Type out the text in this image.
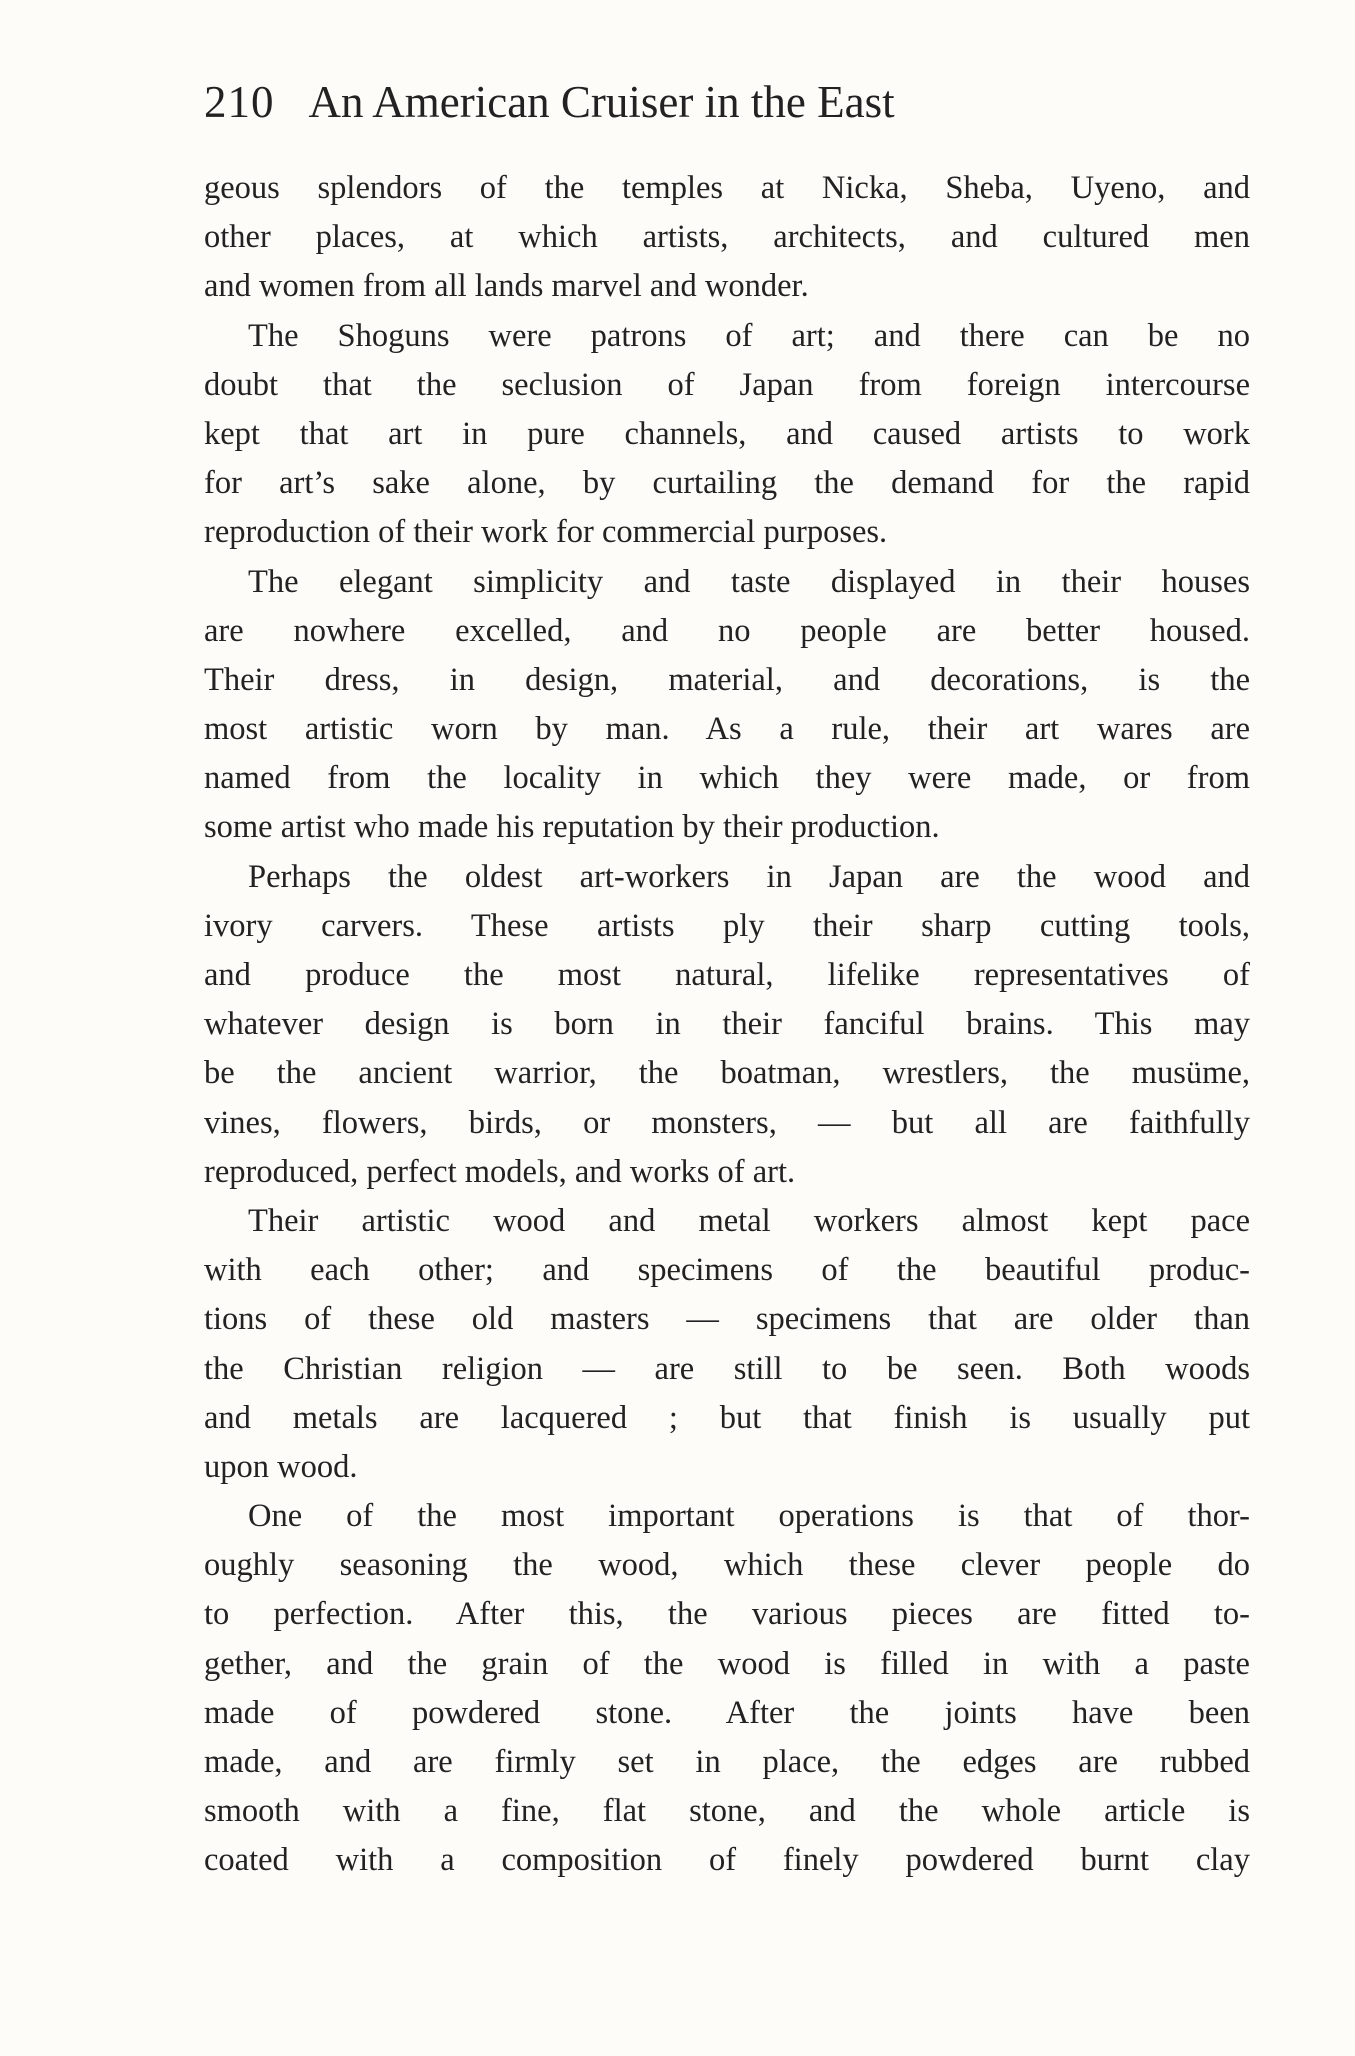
210 An American Cruiser in the East
geous splendors of the temples at Nicka, Sheba, Uyeno, and
other places, at which artists, architects, and cultured men
and women from all lands marvel and wonder.
The Shoguns were patrons of art; and there can be no
doubt that the seclusion of Japan from foreign intercourse
kept that art in pure channels, and caused artists to work
for art’s sake alone, by curtailing the demand for the rapid
reproduction of their work for commercial purposes.
The elegant simplicity and taste displayed in their houses
are nowhere excelled, and no people are better housed.
Their dress, in design, material, and decorations, is the
most artistic worn by man. As a rule, their art wares are
named from the locality in which they were made, or from
some artist who made his reputation by their production.
Perhaps the oldest art-workers in Japan are the wood and
ivory carvers. These artists ply their sharp cutting tools,
and produce the most natural, lifelike representatives of
whatever design is born in their fanciful brains. This may
be the ancient warrior, the boatman, wrestlers, the musüme,
vines, flowers, birds, or monsters, — but all are faithfully
reproduced, perfect models, and works of art.
Their artistic wood and metal workers almost kept pace
with each other; and specimens of the beautiful produc-
tions of these old masters — specimens that are older than
the Christian religion — are still to be seen. Both woods
and metals are lacquered ; but that finish is usually put
upon wood.
One of the most important operations is that of thor-
oughly seasoning the wood, which these clever people do
to perfection. After this, the various pieces are fitted to-
gether, and the grain of the wood is filled in with a paste
made of powdered stone. After the joints have been
made, and are firmly set in place, the edges are rubbed
smooth with a fine, flat stone, and the whole article is
coated with a composition of finely powdered burnt clay
